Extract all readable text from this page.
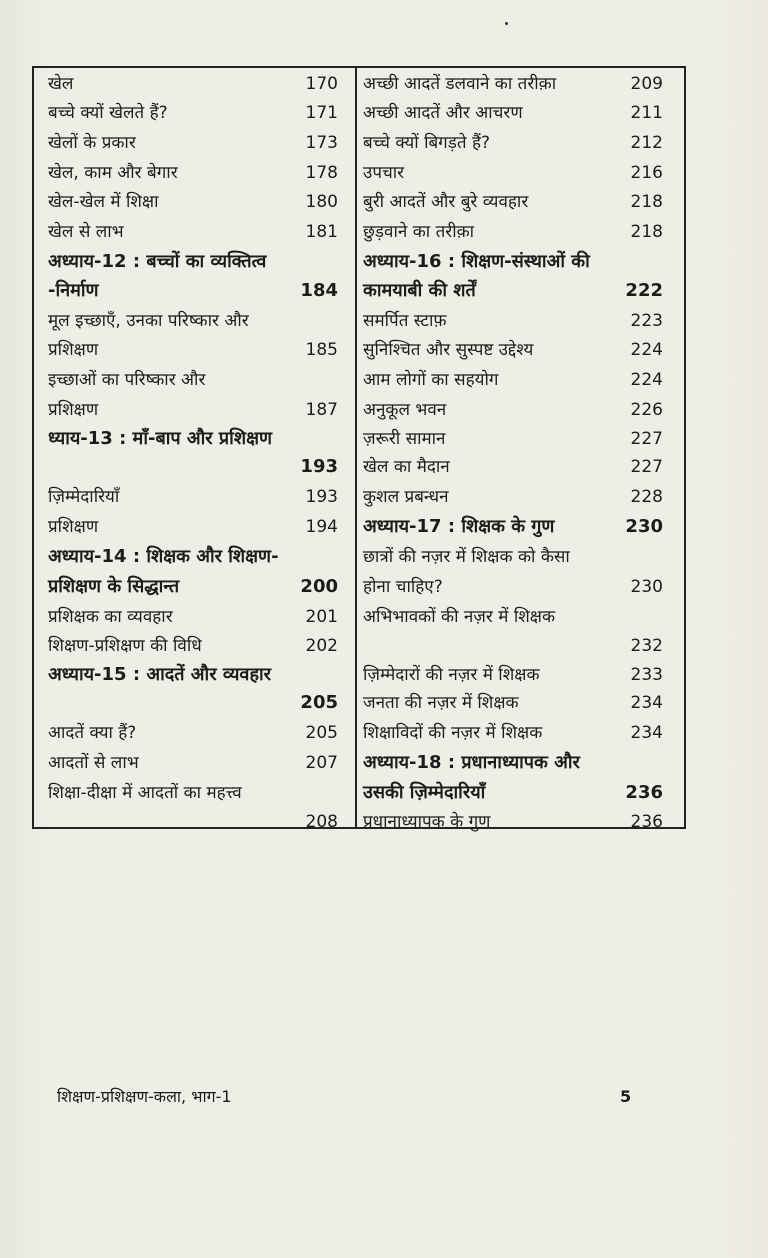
खेल	170
बच्चे क्यों खेलते हैं?	171
खेलों के प्रकार	173
खेल, काम और बेगार	178
खेल-खेल में शिक्षा	180
खेल से लाभ	181
अध्याय-12 : बच्चों का व्यक्तित्व
-निर्माण	184
मूल इच्छाएँ, उनका परिष्कार और
प्रशिक्षण	185
इच्छाओं का परिष्कार और
प्रशिक्षण	187
ध्याय-13 : माँ-बाप और प्रशिक्षण
193
ज़िम्मेदारियाँ	193
प्रशिक्षण	194
अध्याय-14 : शिक्षक और शिक्षण-
प्रशिक्षण के सिद्धान्त	200
प्रशिक्षक का व्यवहार	201
शिक्षण-प्रशिक्षण की विधि	202
अध्याय-15 : आदतें और व्यवहार
205
आदतें क्या हैं?	205
आदतों से लाभ	207
शिक्षा-दीक्षा में आदतों का महत्त्व
208
अच्छी आदतें डलवाने का तरीक़ा	209
अच्छी आदतें और आचरण	211
बच्चे क्यों बिगड़ते हैं?	212
उपचार	216
बुरी आदतें और बुरे व्यवहार	218
छुड़वाने का तरीक़ा	218
अध्याय-16 : शिक्षण-संस्थाओं की
कामयाबी की शर्तें	222
समर्पित स्टाफ़	223
सुनिश्चित और सुस्पष्ट उद्देश्य	224
आम लोगों का सहयोग	224
अनुकूल भवन	226
ज़रूरी सामान	227
खेल का मैदान	227
कुशल प्रबन्धन	228
अध्याय-17 : शिक्षक के गुण	230
छात्रों की नज़र में शिक्षक को कैसा
होना चाहिए?	230
अभिभावकों की नज़र में शिक्षक
232
ज़िम्मेदारों की नज़र में शिक्षक	233
जनता की नज़र में शिक्षक	234
शिक्षाविदों की नज़र में शिक्षक	234
अध्याय-18 : प्रधानाध्यापक और
उसकी ज़िम्मेदारियाँ	236
प्रधानाध्यापक के गुण	236
शिक्षण-प्रशिक्षण-कला, भाग-1	5
